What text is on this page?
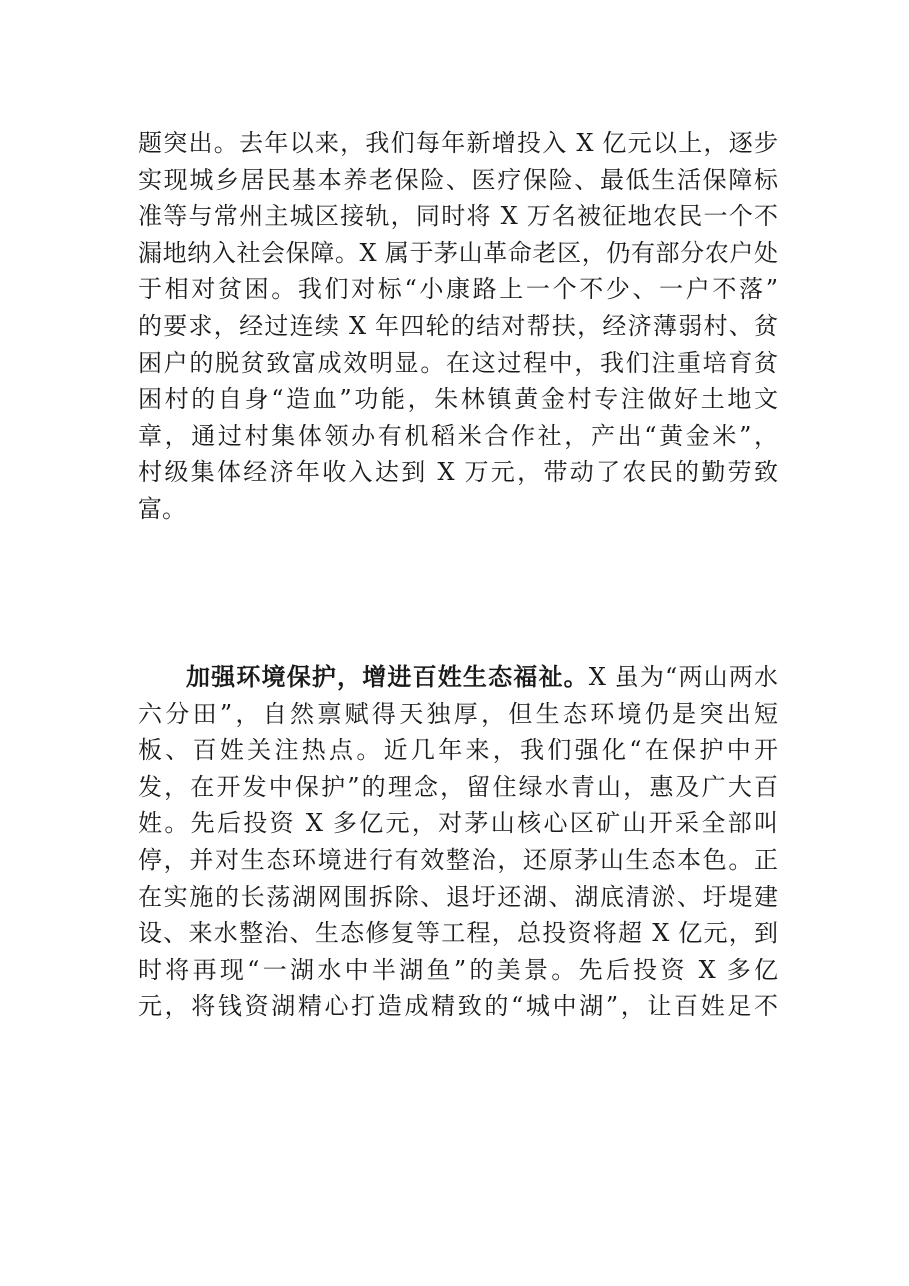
题突出。去年以来，我们每年新增投入 X 亿元以上，逐步
实现城乡居民基本养老保险、医疗保险、最低生活保障标
准等与常州主城区接轨，同时将 X 万名被征地农民一个不
漏地纳入社会保障。X 属于茅山革命老区，仍有部分农户处
于相对贫困。我们对标“小康路上一个不少、一户不落”
的要求，经过连续 X 年四轮的结对帮扶，经济薄弱村、贫
困户的脱贫致富成效明显。在这过程中，我们注重培育贫
困村的自身“造血”功能，朱林镇黄金村专注做好土地文
章，通过村集体领办有机稻米合作社，产出“黄金米”，
村级集体经济年收入达到 X 万元，带动了农民的勤劳致
富。
加强环境保护，增进百姓生态福祉。X 虽为“两山两水
六分田”，自然禀赋得天独厚，但生态环境仍是突出短
板、百姓关注热点。近几年来，我们强化“在保护中开
发，在开发中保护”的理念，留住绿水青山，惠及广大百
姓。先后投资 X 多亿元，对茅山核心区矿山开采全部叫
停，并对生态环境进行有效整治，还原茅山生态本色。正
在实施的长荡湖网围拆除、退圩还湖、湖底清淤、圩堤建
设、来水整治、生态修复等工程，总投资将超 X 亿元，到
时将再现“一湖水中半湖鱼”的美景。先后投资 X 多亿
元，将钱资湖精心打造成精致的“城中湖”，让百姓足不
